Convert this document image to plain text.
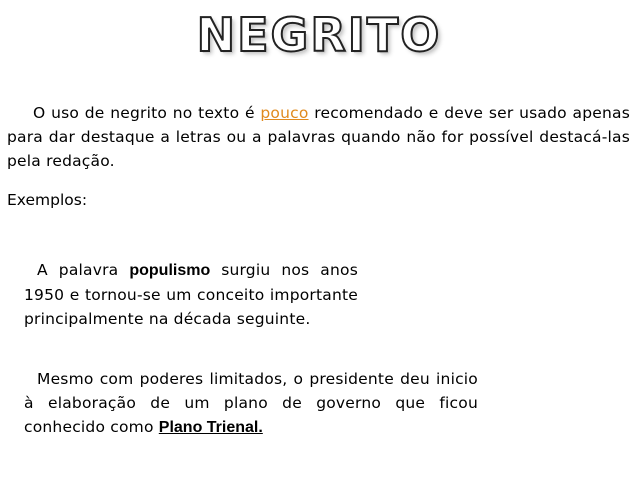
NEGRITO
O uso de negrito no texto é pouco recomendado e deve ser usado apenas para dar destaque a letras ou a palavras quando não for possível destacá-las pela redação.
Exemplos:
A palavra populismo surgiu nos anos 1950 e tornou-se um conceito importante principalmente na década seguinte.
Mesmo com poderes limitados, o presidente deu inicio à elaboração de um plano de governo que ficou conhecido como Plano Trienal.
